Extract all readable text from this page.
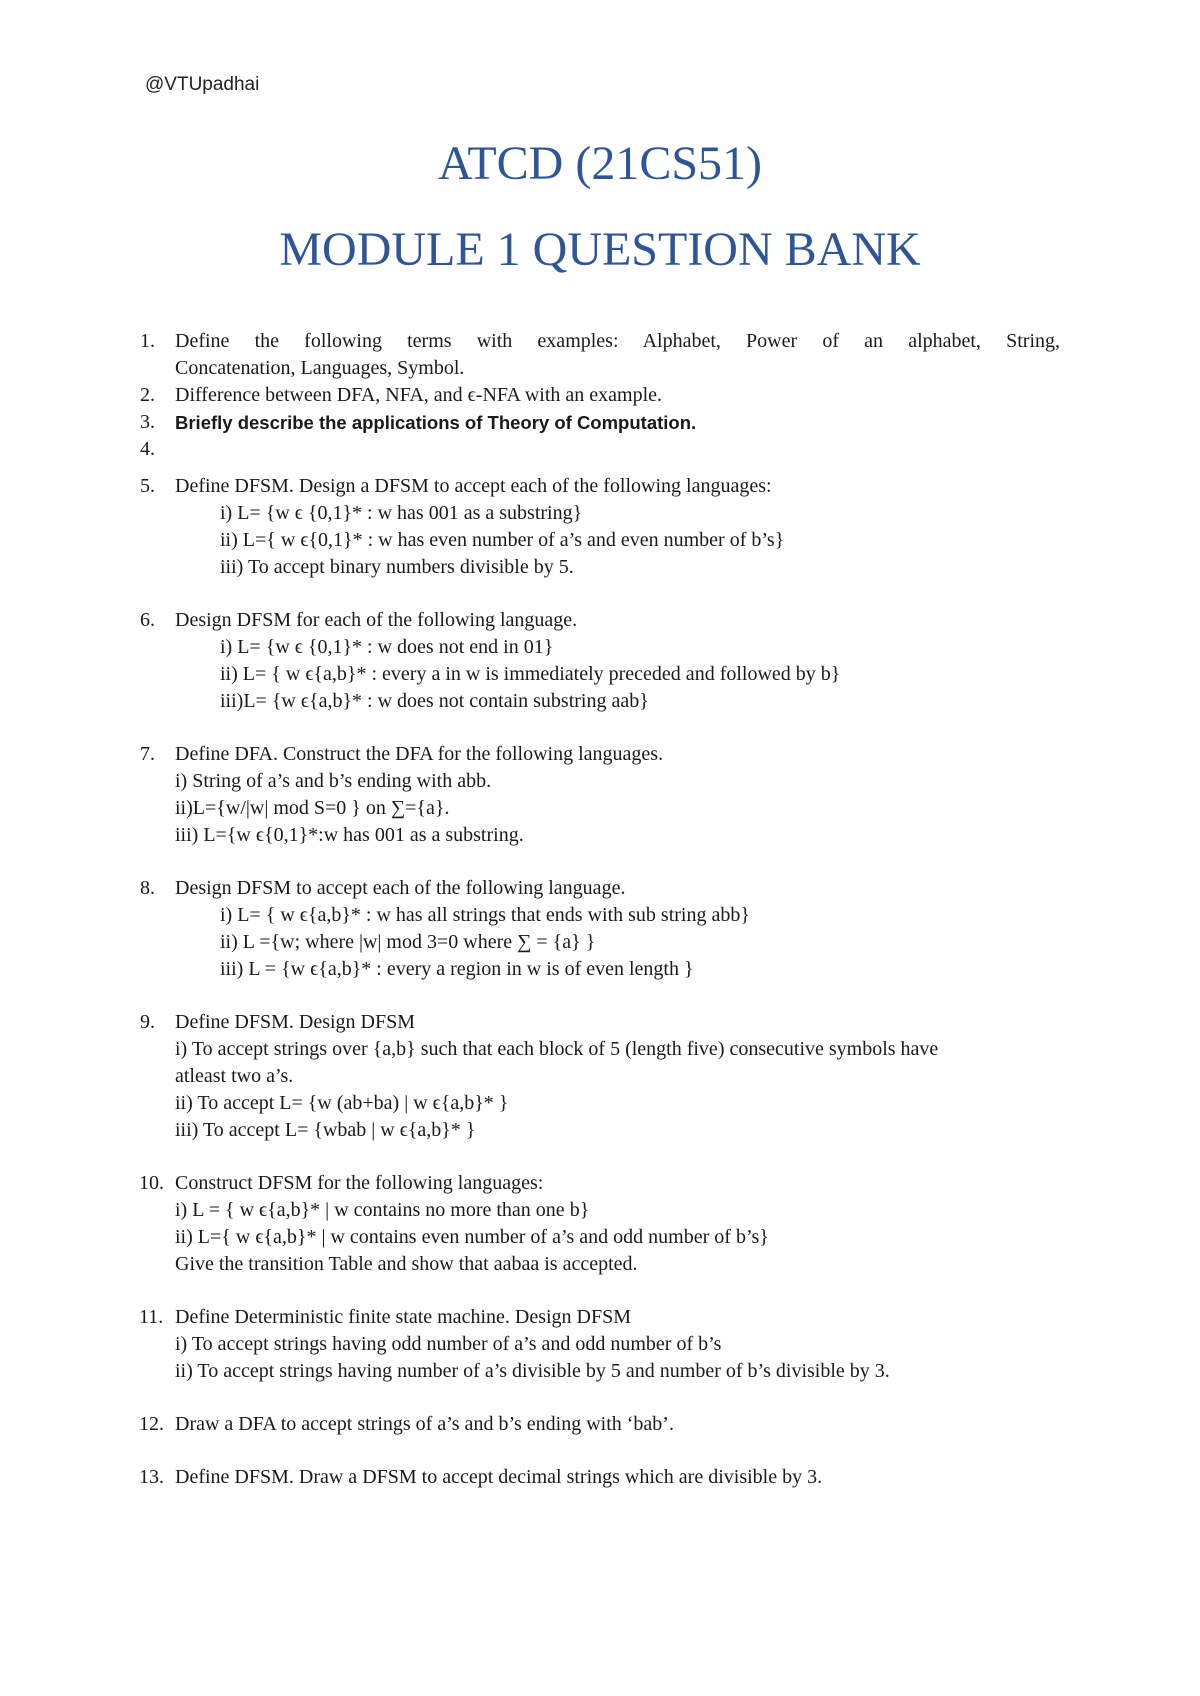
@VTUpadhai
ATCD (21CS51)
MODULE 1 QUESTION BANK
1. Define the following terms with examples: Alphabet, Power of an alphabet, String,
Concatenation, Languages, Symbol.
2. Difference between DFA, NFA, and ϵ-NFA with an example.
3. Briefly describe the applications of Theory of Computation.
4.

5. Define DFSM. Design a DFSM to accept each of the following languages:
i) L= {w ϵ {0,1}* : w has 001 as a substring}
ii) L={ w ϵ{0,1}* : w has even number of a’s and even number of b’s}
iii) To accept binary numbers divisible by 5.
6. Design DFSM for each of the following language.
i) L= {w ϵ {0,1}* : w does not end in 01}
ii) L= { w ϵ{a,b}* : every a in w is immediately preceded and followed by b}
iii)L= {w ϵ{a,b}* : w does not contain substring aab}
7. Define DFA. Construct the DFA for the following languages.
i) String of a’s and b’s ending with abb.
ii)L={w/|w| mod S=0 } on ∑={a}.
iii) L={w ϵ{0,1}*:w has 001 as a substring.
8. Design DFSM to accept each of the following language.
i) L= { w ϵ{a,b}* : w has all strings that ends with sub string abb}
ii) L ={w; where |w| mod 3=0 where ∑ = {a} }
iii) L = {w ϵ{a,b}* : every a region in w is of even length }
9. Define DFSM. Design DFSM
i) To accept strings over {a,b} such that each block of 5 (length five) consecutive symbols have
atleast two a’s.
ii) To accept L= {w (ab+ba) | w ϵ{a,b}* }
iii) To accept L= {wbab | w ϵ{a,b}* }
10. Construct DFSM for the following languages:
i) L = { w ϵ{a,b}* | w contains no more than one b}
ii) L={ w ϵ{a,b}* | w contains even number of a’s and odd number of b’s}
Give the transition Table and show that aabaa is accepted.
11. Define Deterministic finite state machine. Design DFSM
i) To accept strings having odd number of a’s and odd number of b’s
ii) To accept strings having number of a’s divisible by 5 and number of b’s divisible by 3.
12. Draw a DFA to accept strings of a’s and b’s ending with ‘bab’.
13. Define DFSM. Draw a DFSM to accept decimal strings which are divisible by 3.
